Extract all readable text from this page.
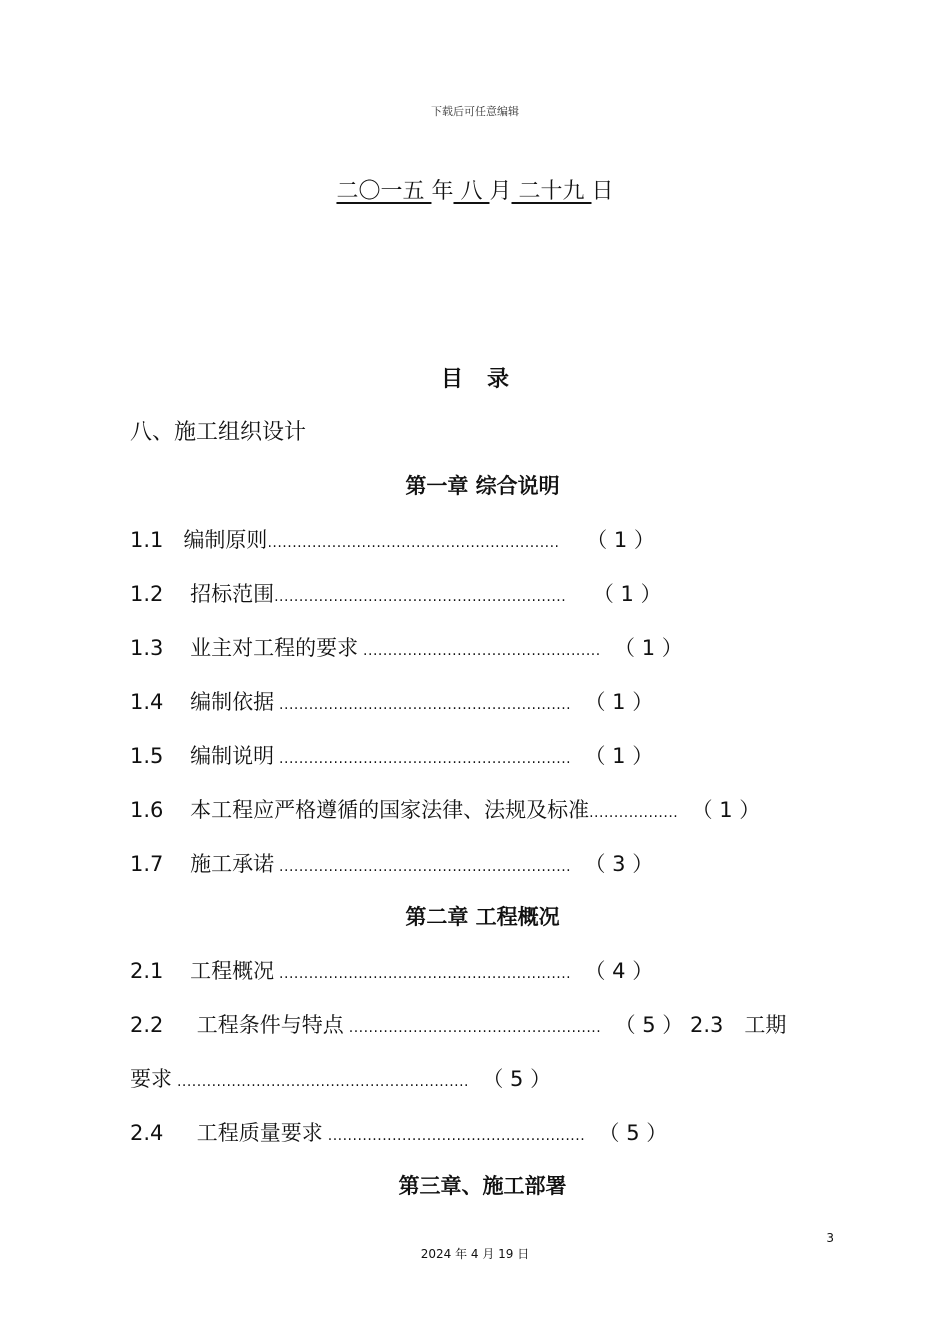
下载后可任意编辑
二〇一五 年 八 月 二十九 日
目录
八、施工组织设计
第一章 综合说明
1.1 编制原则........................................................... （ 1 ）
1.2 招标范围........................................................... （ 1 ）
1.3 业主对工程的要求 ................................................ （ 1 ）
1.4 编制依据 ........................................................... （ 1 ）
1.5 编制说明 ........................................................... （ 1 ）
1.6 本工程应严格遵循的国家法律、法规及标准.................. （ 1 ）
1.7 施工承诺 ........................................................... （ 3 ）
第二章 工程概况
2.1 工程概况 ........................................................... （ 4 ）
2.2 工程条件与特点 ................................................... （ 5 ） 2.3　工期
要求 ........................................................... （ 5 ）
2.4 工程质量要求 .................................................... （ 5 ）
第三章、施工部署
3
2024 年 4 月 19 日
